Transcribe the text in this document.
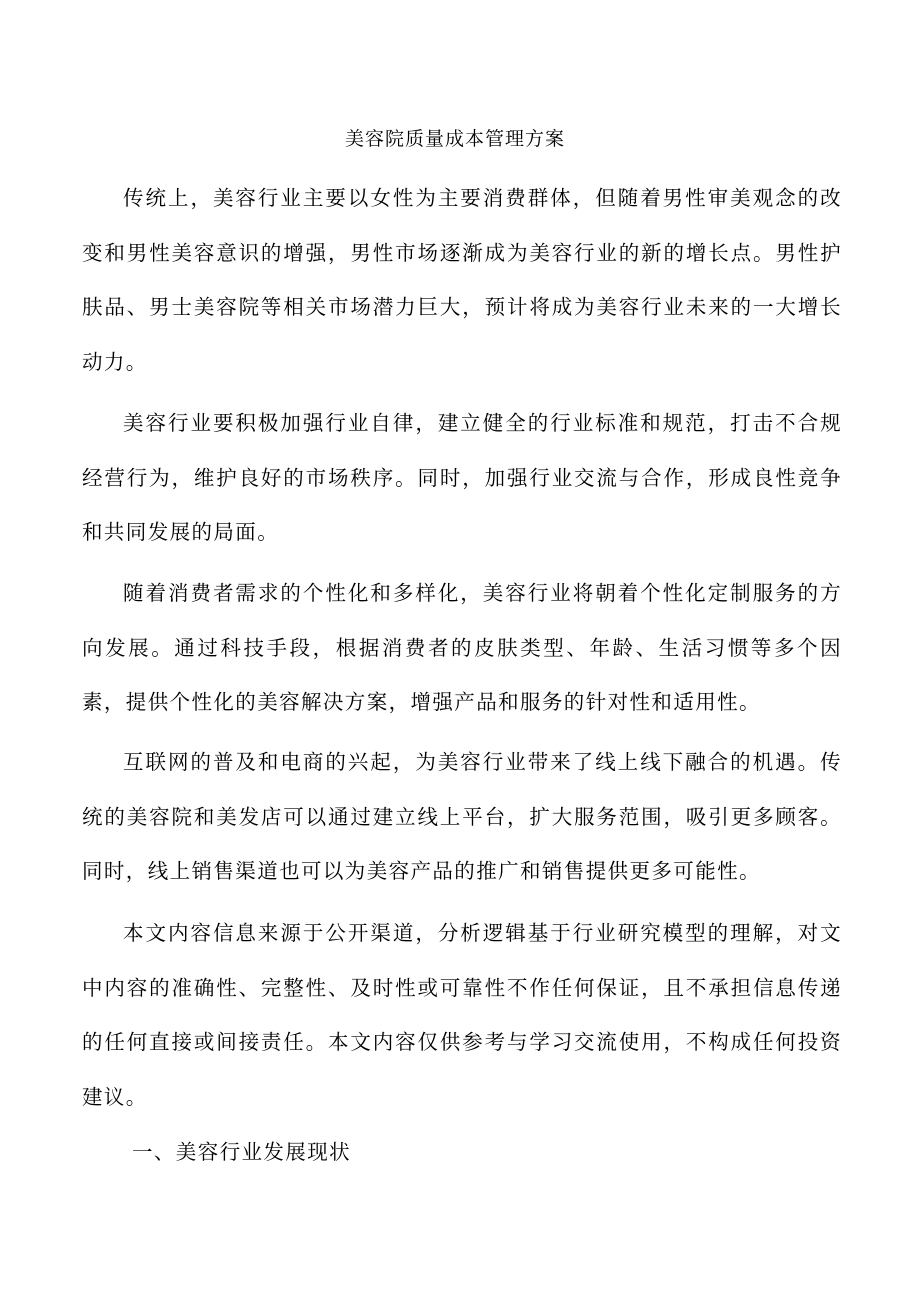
美容院质量成本管理方案

传统上，美容行业主要以女性为主要消费群体，但随着男性审美观念的改变和男性美容意识的增强，男性市场逐渐成为美容行业的新的增长点。男性护肤品、男士美容院等相关市场潜力巨大，预计将成为美容行业未来的一大增长动力。

美容行业要积极加强行业自律，建立健全的行业标准和规范，打击不合规经营行为，维护良好的市场秩序。同时，加强行业交流与合作，形成良性竞争和共同发展的局面。

随着消费者需求的个性化和多样化，美容行业将朝着个性化定制服务的方向发展。通过科技手段，根据消费者的皮肤类型、年龄、生活习惯等多个因素，提供个性化的美容解决方案，增强产品和服务的针对性和适用性。

互联网的普及和电商的兴起，为美容行业带来了线上线下融合的机遇。传统的美容院和美发店可以通过建立线上平台，扩大服务范围，吸引更多顾客。同时，线上销售渠道也可以为美容产品的推广和销售提供更多可能性。

本文内容信息来源于公开渠道，分析逻辑基于行业研究模型的理解，对文中内容的准确性、完整性、及时性或可靠性不作任何保证，且不承担信息传递的任何直接或间接责任。本文内容仅供参考与学习交流使用，不构成任何投资建议。

一、美容行业发展现状
